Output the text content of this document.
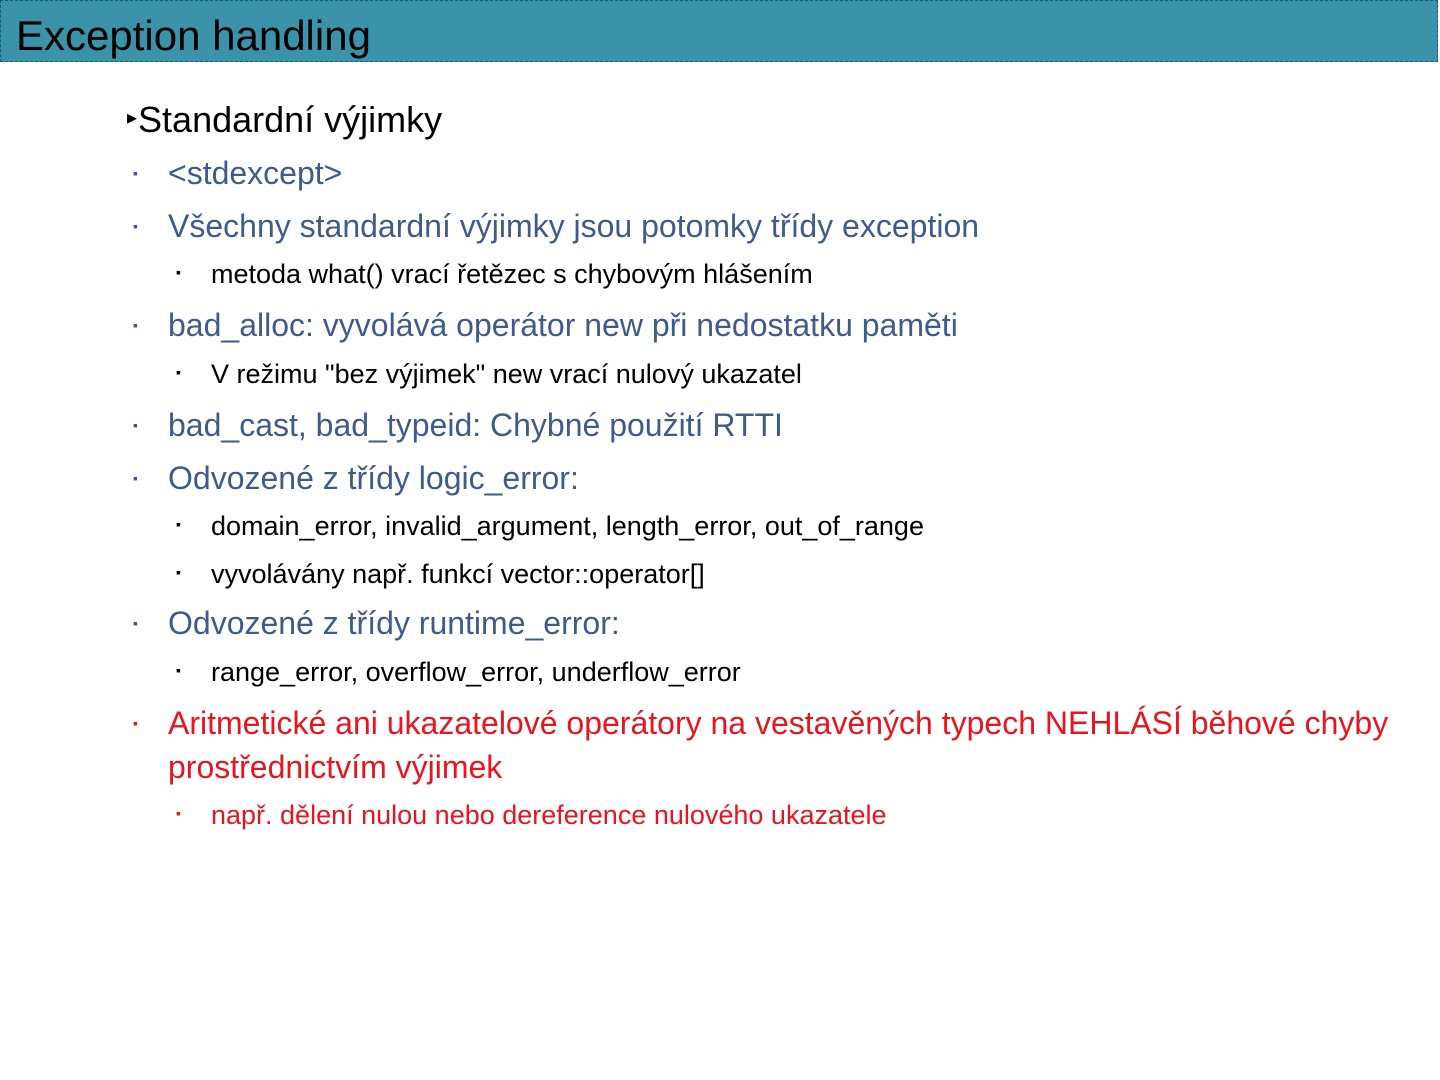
Exception handling
▸Standardní výjimky
▪ <stdexcept>
▪ Všechny standardní výjimky jsou potomky třídy exception
▪ metoda what() vrací řetězec s chybovým hlášením
▪ bad_alloc: vyvolává operátor new při nedostatku paměti
▪ V režimu "bez výjimek" new vrací nulový ukazatel
▪ bad_cast, bad_typeid: Chybné použití RTTI
▪ Odvozené z třídy logic_error:
▪ domain_error, invalid_argument, length_error, out_of_range
▪ vyvolávány např. funkcí vector::operator[]
▪ Odvozené z třídy runtime_error:
▪ range_error, overflow_error, underflow_error
▪ Aritmetické ani ukazatelové operátory na vestavěných typech NEHLÁSÍ běhové chyby prostřednictvím výjimek
▪ např. dělení nulou nebo dereference nulového ukazatele
